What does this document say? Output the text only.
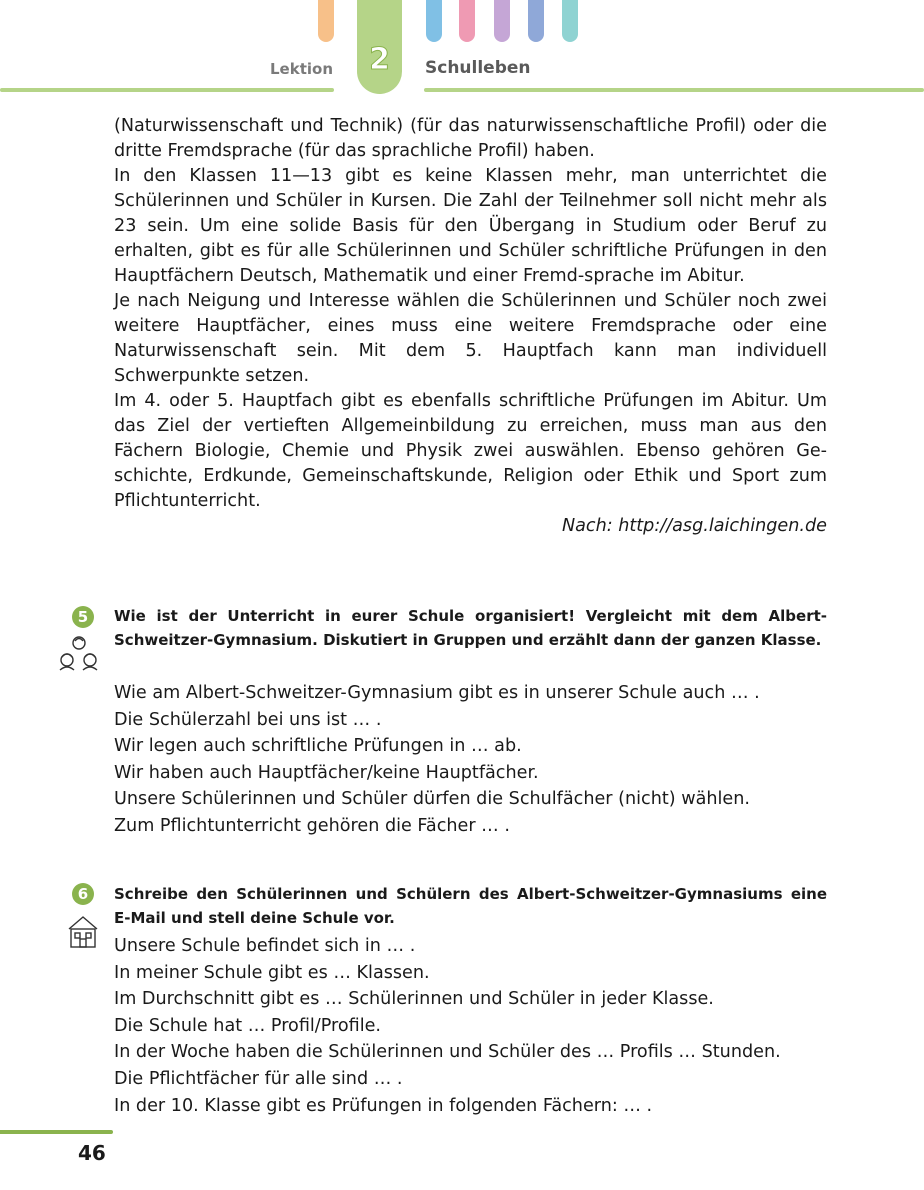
2
Lektion	Schulleben

(Naturwissenschaft und Technik) (für das naturwissenschaftliche Profil) oder die dritte Fremdsprache (für das sprachliche Profil) haben.

In den Klassen 11—13 gibt es keine Klassen mehr, man unterrichtet die Schülerinnen und Schüler in Kursen. Die Zahl der Teilnehmer soll nicht mehr als 23 sein. Um eine solide Basis für den Übergang in Studium oder Beruf zu erhalten, gibt es für alle Schülerinnen und Schüler schriftliche Prüfungen in den Hauptfächern Deutsch, Mathematik und einer Fremd-sprache im Abitur.

Je nach Neigung und Interesse wählen die Schülerinnen und Schüler noch zwei weitere Hauptfächer, eines muss eine weitere Fremdsprache oder eine Naturwissenschaft sein. Mit dem 5. Hauptfach kann man individuell Schwerpunkte setzen.

Im 4. oder 5. Hauptfach gibt es ebenfalls schriftliche Prüfungen im Abitur. Um das Ziel der vertieften Allgemeinbildung zu erreichen, muss man aus den Fächern Biologie, Chemie und Physik zwei auswählen. Ebenso gehören Ge-schichte, Erdkunde, Gemeinschaftskunde, Religion oder Ethik und Sport zum Pflichtunterricht.

Nach: http://asg.laichingen.de

5	Wie ist der Unterricht in eurer Schule organisiert! Vergleicht mit dem Albert-Schweitzer-Gymnasium. Diskutiert in Gruppen und erzählt dann der ganzen Klasse.

Wie am Albert-Schweitzer-Gymnasium gibt es in unserer Schule auch … .

Die Schülerzahl bei uns ist … .

Wir legen auch schriftliche Prüfungen in … ab.

Wir haben auch Hauptfächer/keine Hauptfächer.

Unsere Schülerinnen und Schüler dürfen die Schulfächer (nicht) wählen.

Zum Pflichtunterricht gehören die Fächer … .

6	Schreibe den Schülerinnen und Schülern des Albert-Schweitzer-Gymnasiums eine E-Mail und stell deine Schule vor.

Unsere Schule befindet sich in … .

In meiner Schule gibt es … Klassen.

Im Durchschnitt gibt es … Schülerinnen und Schüler in jeder Klasse.

Die Schule hat … Profil/Profile.

In der Woche haben die Schülerinnen und Schüler des … Profils … Stunden.

Die Pflichtfächer für alle sind … .

In der 10. Klasse gibt es Prüfungen in folgenden Fächern: … .

46
